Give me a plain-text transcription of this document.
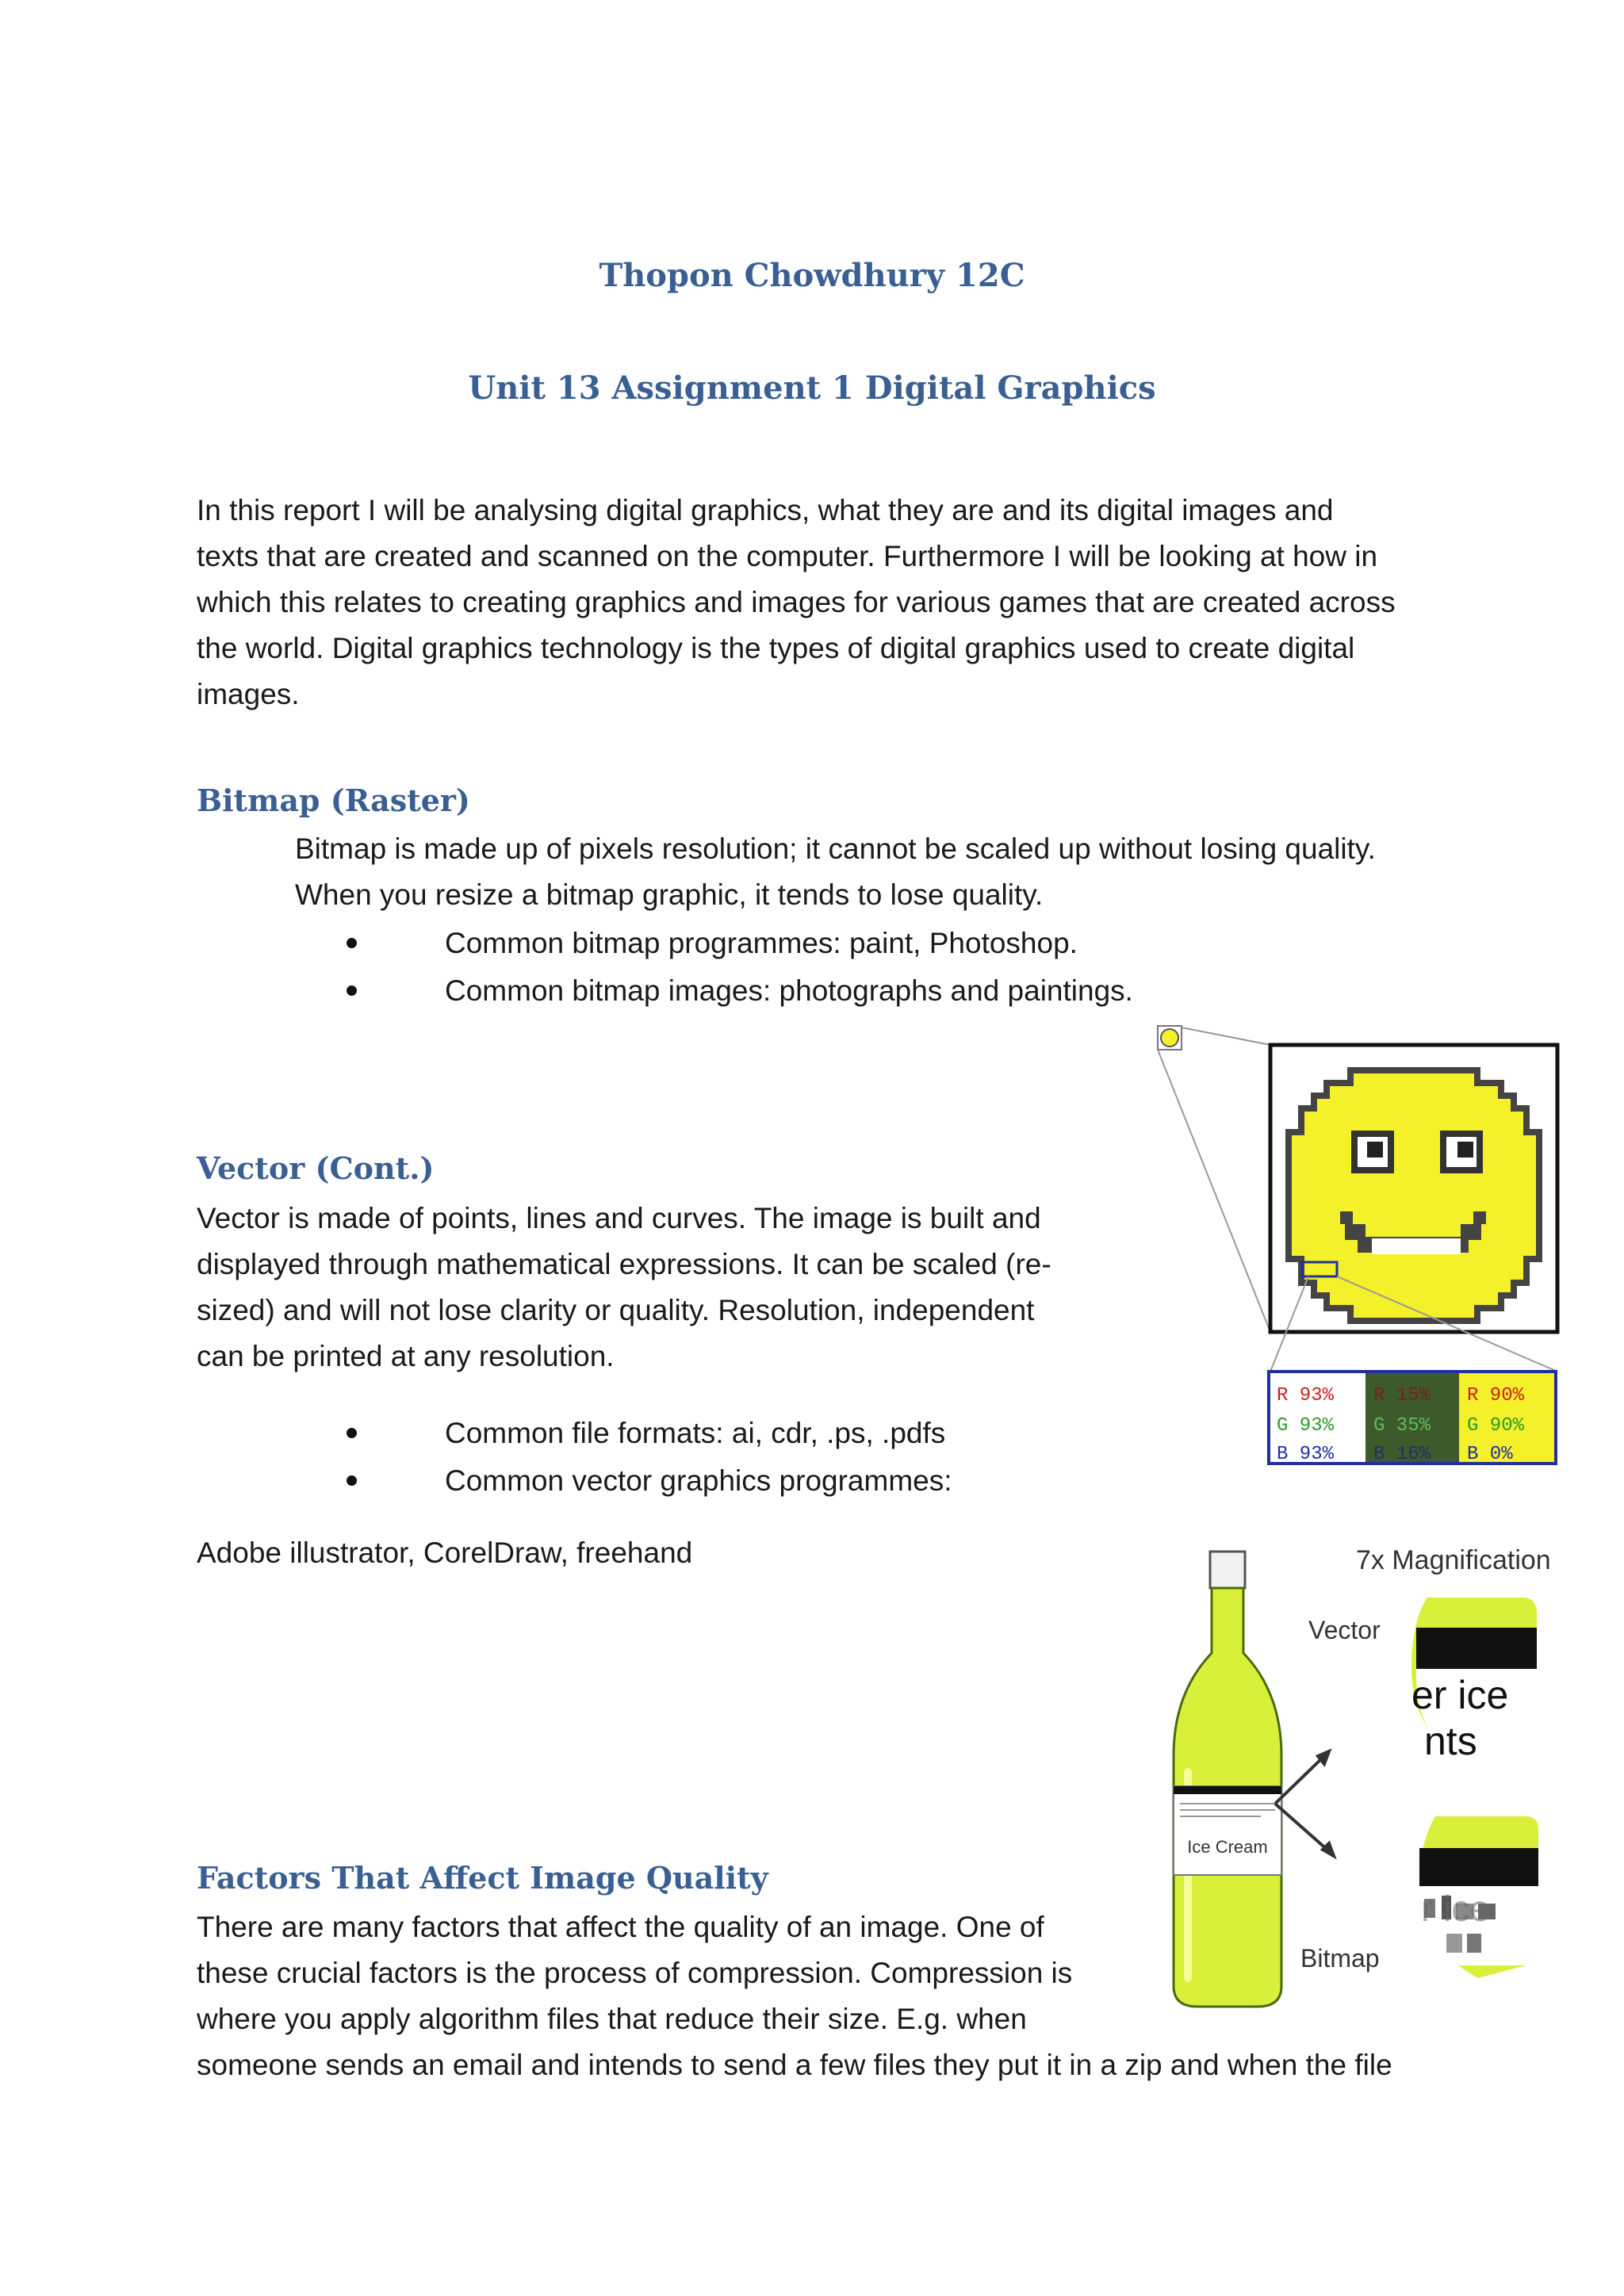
Thopon Chowdhury 12C
Unit 13 Assignment 1 Digital Graphics

In this report I will be analysing digital graphics, what they are and its digital images and
texts that are created and scanned on the computer. Furthermore I will be looking at how in
which this relates to creating graphics and images for various games that are created across
the world. Digital graphics technology is the types of digital graphics used to create digital
images.

Bitmap (Raster)

Bitmap is made up of pixels resolution; it cannot be scaled up without losing quality.
When you resize a bitmap graphic, it tends to lose quality.

Common bitmap programmes: paint, Photoshop.
Common bitmap images: photographs and paintings.
Vector (Cont.)

Vector is made of points, lines and curves. The image is built and
displayed through mathematical expressions. It can be scaled (re-
sized) and will not lose clarity or quality. Resolution, independent
can be printed at any resolution.

Common file formats: ai, cdr, .ps, .pdfs
Common vector graphics programmes:

Adobe illustrator, CorelDraw, freehand

Factors That Affect Image Quality

There are many factors that affect the quality of an image. One of
these crucial factors is the process of compression. Compression is
where you apply algorithm files that reduce their size. E.g. when
someone sends an email and intends to send a few files they put it in a zip and when the file

R 93%
G 93%
B 93%
R 15%
G 35%
B 16%
R 90%
G 90%
B 0%
7x Magnification
Ice Cream
Vector
Bitmap
er ice
nts
r ice
